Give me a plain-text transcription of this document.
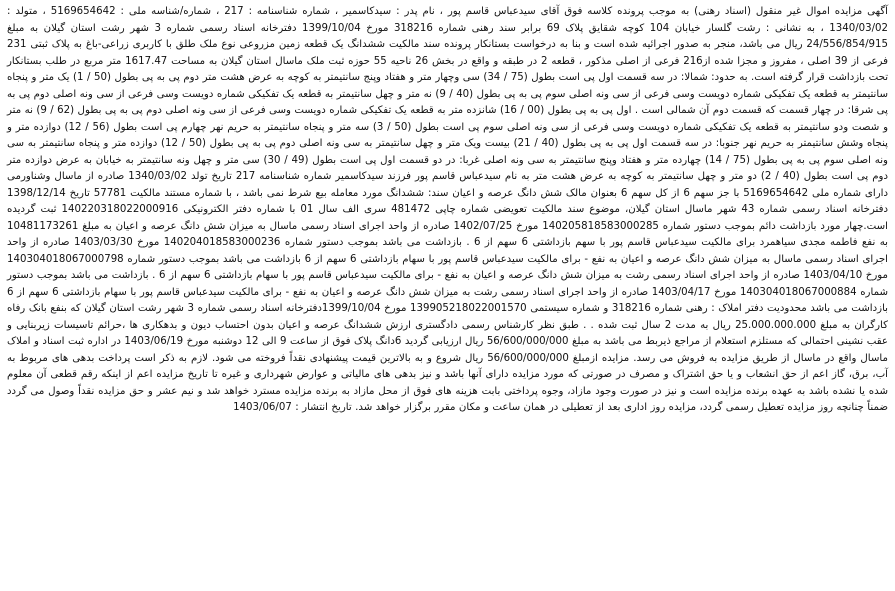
آگهی مزایده اموال غیر منقول (اسناد رهنی) به موجب پرونده کلاسه فوق آقای سیدعباس قاسم پور ، نام پدر : سیدکاسمیر ، شماره شناسنامه : 217 ، شماره/شناسه ملی : 5169654642 ، متولد : 1340/03/02 ، به نشانی : رشت گلسار خیابان 104 کوچه شقایق پلاک 69 برابر سند رهنی شماره 318216 مورخ 1399/10/04 دفترخانه اسناد رسمی شماره 3 شهر رشت استان گیلان به مبلغ 24/556/854/915 ریال می باشد، منجر به صدور اجرائیه شده است و بنا به درخواست بستانکار پرونده سند مالکیت ششدانگ یک قطعه زمین مزروعی نوع ملک طلق با کاربری زراعی-باغ به پلاک ثبتی 231 فرعی از 39 اصلی ، مفروز و مجزا شده از216 فرعی از اصلی مذکور ، قطعه 2 در طبقه و واقع در بخش 26 ناحیه 55 حوزه ثبت ملک ماسال استان گیلان به مساحت 1617.47 متر مربع در طلب بستانکار تحت بازداشت قرار گرفته است. به حدود: شمالا: در سه قسمت اول پی است بطول (75 / 34) سی وچهار متر و هفتاد وپنج سانتیمتر به کوچه به عرض هشت متر دوم پی به پی بطول (50 / 1) یک متر و پنجاه سانتیمتر به قطعه یک تفکیکی شماره دویست وسی فرعی از سی ونه اصلی سوم پی به پی بطول (40 / 9) نه متر و چهل سانتیمتر به قطعه یک تفکیکی شماره دویست وسی فرعی از سی ونه اصلی دوم پی به پی شرقا: در چهار قسمت که قسمت دوم آن شمالی است . اول پی به پی بطول (00 / 16) شانزده متر به قطعه یک تفکیکی شماره دویست وسی فرعی از سی ونه اصلی دوم پی به پی بطول (62 / 9) نه متر و شصت ودو سانتیمتر به قطعه یک تفکیکی شماره دویست وسی فرعی از سی ونه اصلی سوم پی است بطول (50 / 3) سه متر و پنجاه سانتیمتر به حریم نهر چهارم پی است بطول (56 / 12) دوازده متر و پنجاه وشش سانتیمتر به حریم نهر جنوبا: در سه قسمت اول پی به پی بطول (40 / 21) بیست ویک متر و چهل سانتیمتر به سی ونه اصلی دوم پی به پی بطول (50 / 12) دوازده متر و پنجاه سانتیمتر به سی ونه اصلی سوم پی به پی بطول (75 / 14) چهارده متر و هفتاد وپنج سانتیمتر به سی ونه اصلی غربا: در دو قسمت اول پی است بطول (49 / 30) سی متر و چهل ونه سانتیمتر به خیابان به عرض دوازده متر دوم پی است بطول (40 / 2) دو متر و چهل سانتیمتر به کوچه به عرض هشت متر به نام سیدعباس قاسم پور فرزند سیدکاسمیر شماره شناسنامه 217 تاریخ تولد 1340/03/02 صادره از ماسال وشناورمی دارای شماره ملی 5169654642 با جز سهم 6 از کل سهم 6 بعنوان مالک شش دانگ عرصه و اعیان سند: ششدانگ مورد معامله بیع شرط نمی باشد ، با شماره مستند مالکیت 57781 تاریخ 1398/12/14 دفترخانه اسناد رسمی شماره 43 شهر ماسال استان گیلان، موضوع سند مالکیت تعویضی شماره چاپی 481472 سری الف سال 01 با شماره دفتر الکترونیکی 140220318022000916 ثبت گردیده است.چهار مورد بازداشت دائم بموجب دستور شماره 140205818583000285 مورخ 1402/07/25 صادره از واحد اجرای اسناد رسمی ماسال به میزان شش دانگ عرصه و اعیان به مبلغ 10481173261 به نفع فاطمه مجدی سیاهمرد برای مالکیت سیدعباس قاسم پور با سهم بازداشتی 6 سهم از 6 . بازداشت می باشد بموجب دستور شماره 140204018583000236 مورخ 1403/03/30 صادره از واحد اجرای اسناد رسمی ماسال به میزان شش دانگ عرصه و اعیان به نفع - برای مالکیت سیدعباس قاسم پور با سهام بازداشتی 6 سهم از 6 بازداشت می باشد بموجب دستور شماره 140304018067000798 مورخ 1403/04/10 صادره از واحد اجرای اسناد رسمی رشت به میزان شش دانگ عرصه و اعیان به نفع - برای مالکیت سیدعباس قاسم پور با سهام بازداشتی 6 سهم از 6 . بازداشت می باشد بموجب دستور شماره 140304018067000884 مورخ 1403/04/17 صادره از واحد اجرای اسناد رسمی رشت به میزان شش دانگ عرصه و اعیان به نفع - برای مالکیت سیدعباس قاسم پور با سهام بازداشتی 6 سهم از 6 بازداشت می باشد محدودیت دفتر املاک : رهنی شماره 318216 و شماره سیستمی 139905218022001570 مورخ 1399/10/04دفترخانه اسناد رسمی شماره 3 شهر رشت استان گیلان که بنفع بانک رفاه کارگران به مبلغ 25.000.000.000 ریال به مدت 2 سال ثبت شده . . طبق نظر کارشناس رسمی دادگستری ارزش ششدانگ عرصه و اعیان بدون احتساب دیون و بدهکاری ها ،حرائم تاسیسات زیربنایی و عقب نشینی احتمالی که مستلزم استعلام از مراجع ذیربط می باشد به مبلغ 56/600/000/000 ریال ارزیابی گردید 6دانگ پلاک فوق از ساعت 9 الی 12 دوشنبه مورخ 1403/06/19 در اداره ثبت اسناد و املاک ماسال واقع در ماسال از طریق مزایده به فروش می رسد. مزایده ازمبلغ 56/600/000/000 ریال شروع و به بالاترین قیمت پیشنهادی نقداً فروخته می شود. لازم به ذکر است پرداخت بدهی های مربوط به آب، برق، گاز اعم از حق انشعاب و یا حق اشتراک و مصرف در صورتی که مورد مزایده دارای آنها باشد و نیز بدهی های مالیاتی و عوارض شهرداری و غیره تا تاریخ مزایده اعم از اینکه رقم قطعی آن معلوم شده یا نشده باشد به عهده برنده مزایده است و نیز در صورت وجود مازاد، وجوه پرداختی بابت هزینه های فوق از محل مازاد به برنده مزایده مسترد خواهد شد و نیم عشر و حق مزایده نقداً وصول می گردد ضمناً چنانچه روز مزایده تعطیل رسمی گردد، مزایده روز اداری بعد از تعطیلی در همان ساعت و مکان مقرر برگزار خواهد شد. تاریخ انتشار : 1403/06/07
